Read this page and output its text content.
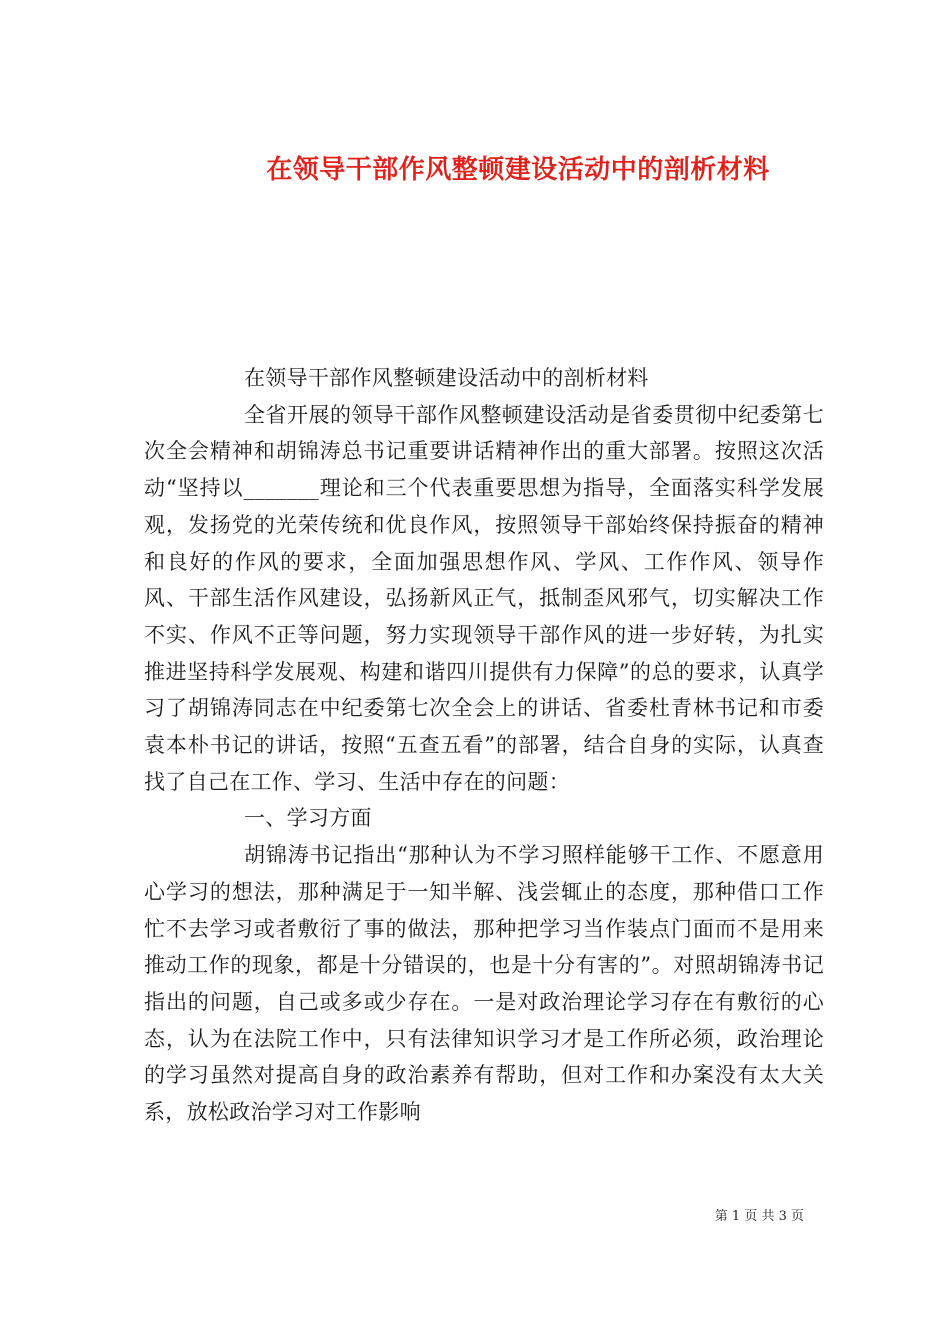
在领导干部作风整顿建设活动中的剖析材料

在领导干部作风整顿建设活动中的剖析材料

全省开展的领导干部作风整顿建设活动是省委贯彻中纪委第七次全会精神和胡锦涛总书记重要讲话精神作出的重大部署。按照这次活动“坚持以_______理论和三个代表重要思想为指导，全面落实科学发展观，发扬党的光荣传统和优良作风，按照领导干部始终保持振奋的精神和良好的作风的要求，全面加强思想作风、学风、工作作风、领导作风、干部生活作风建设，弘扬新风正气，抵制歪风邪气，切实解决工作不实、作风不正等问题，努力实现领导干部作风的进一步好转，为扎实推进坚持科学发展观、构建和谐四川提供有力保障”的总的要求，认真学习了胡锦涛同志在中纪委第七次全会上的讲话、省委杜青林书记和市委袁本朴书记的讲话，按照“五查五看”的部署，结合自身的实际，认真查找了自己在工作、学习、生活中存在的问题：

一、学习方面

胡锦涛书记指出“那种认为不学习照样能够干工作、不愿意用心学习的想法，那种满足于一知半解、浅尝辄止的态度，那种借口工作忙不去学习或者敷衍了事的做法，那种把学习当作装点门面而不是用来推动工作的现象，都是十分错误的，也是十分有害的”。对照胡锦涛书记指出的问题，自己或多或少存在。一是对政治理论学习存在有敷衍的心态，认为在法院工作中，只有法律知识学习才是工作所必须，政治理论的学习虽然对提高自身的政治素养有帮助，但对工作和办案没有太大关系，放松政治学习对工作影响

第 1 页 共 3 页
